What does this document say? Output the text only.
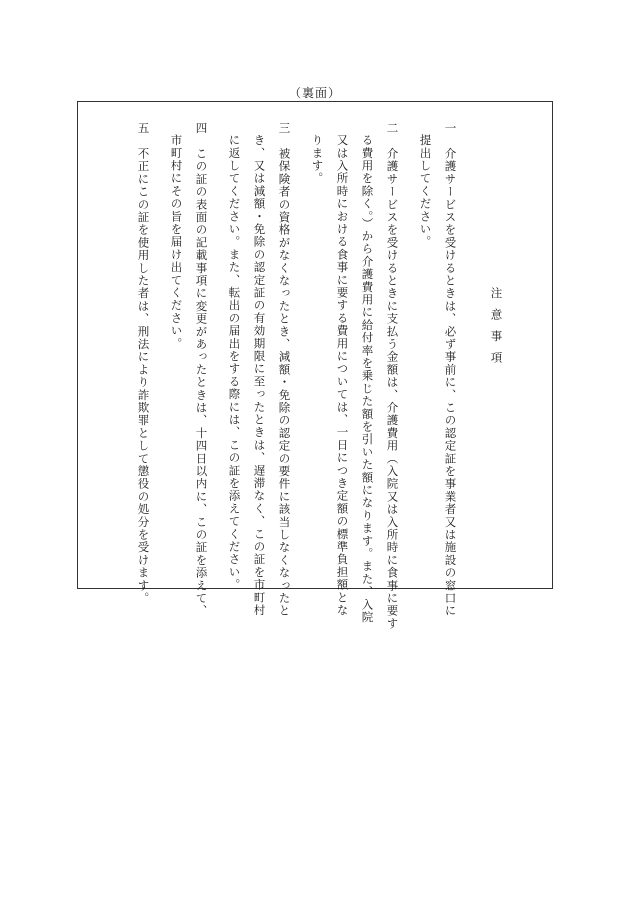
（裏面）
注意事項
一　介護サービスを受けるときは、必ず事前に、この認定証を事業者又は施設の窓口に
提出してください。
二　介護サービスを受けるときに支払う金額は、介護費用（入院又は入所時に食事に要す
る費用を除く。）から介護費用に給付率を乗じた額を引いた額になります。また、入院
又は入所時における食事に要する費用については、一日につき定額の標準負担額とな
ります。
三　被保険者の資格がなくなったとき、減額・免除の認定の要件に該当しなくなったと
き、又は減額・免除の認定証の有効期限に至ったときは、遅滞なく、この証を市町村
に返してください。また、転出の届出をする際には、この証を添えてください。
四　この証の表面の記載事項に変更があったときは、十四日以内に、この証を添えて、
市町村にその旨を届け出てください。
五　不正にこの証を使用した者は、刑法により詐欺罪として懲役の処分を受けます。
